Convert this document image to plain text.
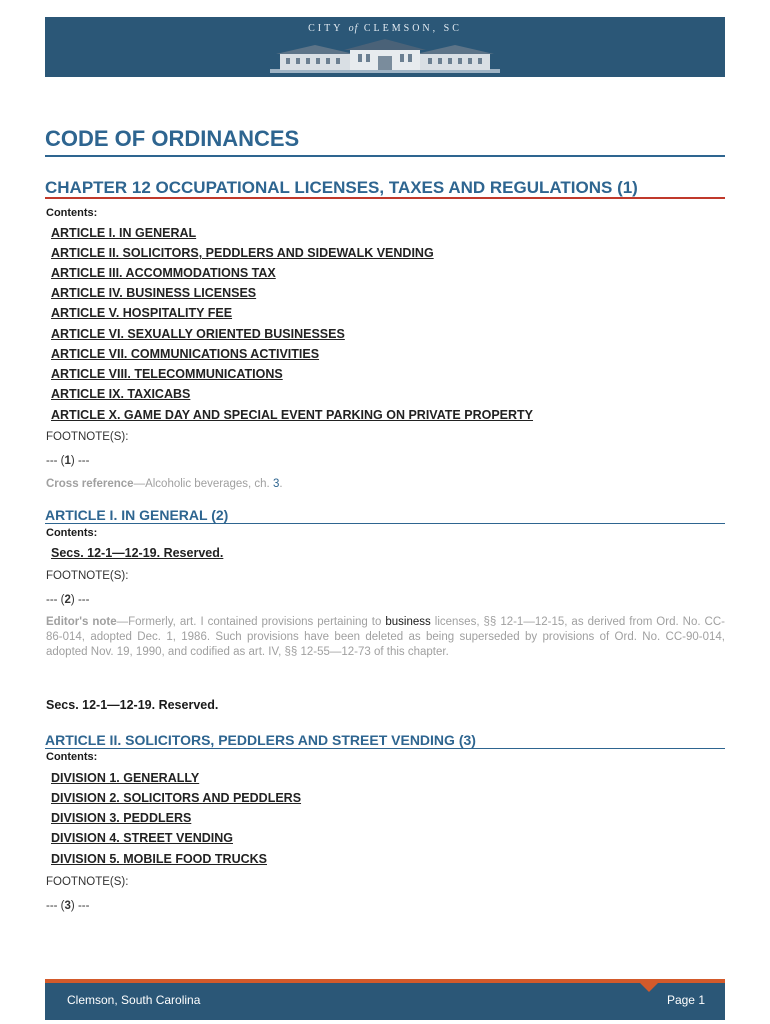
CITY of CLEMSON, SC
CODE OF ORDINANCES
CHAPTER 12 OCCUPATIONAL LICENSES, TAXES AND REGULATIONS (1)
Contents:
ARTICLE I. IN GENERAL
ARTICLE II. SOLICITORS, PEDDLERS AND SIDEWALK VENDING
ARTICLE III. ACCOMMODATIONS TAX
ARTICLE IV. BUSINESS LICENSES
ARTICLE V. HOSPITALITY FEE
ARTICLE VI. SEXUALLY ORIENTED BUSINESSES
ARTICLE VII. COMMUNICATIONS ACTIVITIES
ARTICLE VIII. TELECOMMUNICATIONS
ARTICLE IX. TAXICABS
ARTICLE X. GAME DAY AND SPECIAL EVENT PARKING ON PRIVATE PROPERTY
FOOTNOTE(S):
--- (1) ---
Cross reference—Alcoholic beverages, ch. 3.
ARTICLE I. IN GENERAL (2)
Contents:
Secs. 12-1—12-19. Reserved.
FOOTNOTE(S):
--- (2) ---
Editor's note—Formerly, art. I contained provisions pertaining to business licenses, §§ 12-1—12-15, as derived from Ord. No. CC-86-014, adopted Dec. 1, 1986. Such provisions have been deleted as being superseded by provisions of Ord. No. CC-90-014, adopted Nov. 19, 1990, and codified as art. IV, §§ 12-55—12-73 of this chapter.
Secs. 12-1—12-19. Reserved.
ARTICLE II. SOLICITORS, PEDDLERS AND STREET VENDING (3)
Contents:
DIVISION 1. GENERALLY
DIVISION 2. SOLICITORS AND PEDDLERS
DIVISION 3. PEDDLERS
DIVISION 4. STREET VENDING
DIVISION 5. MOBILE FOOD TRUCKS
FOOTNOTE(S):
--- (3) ---
Clemson, South Carolina	Page 1
